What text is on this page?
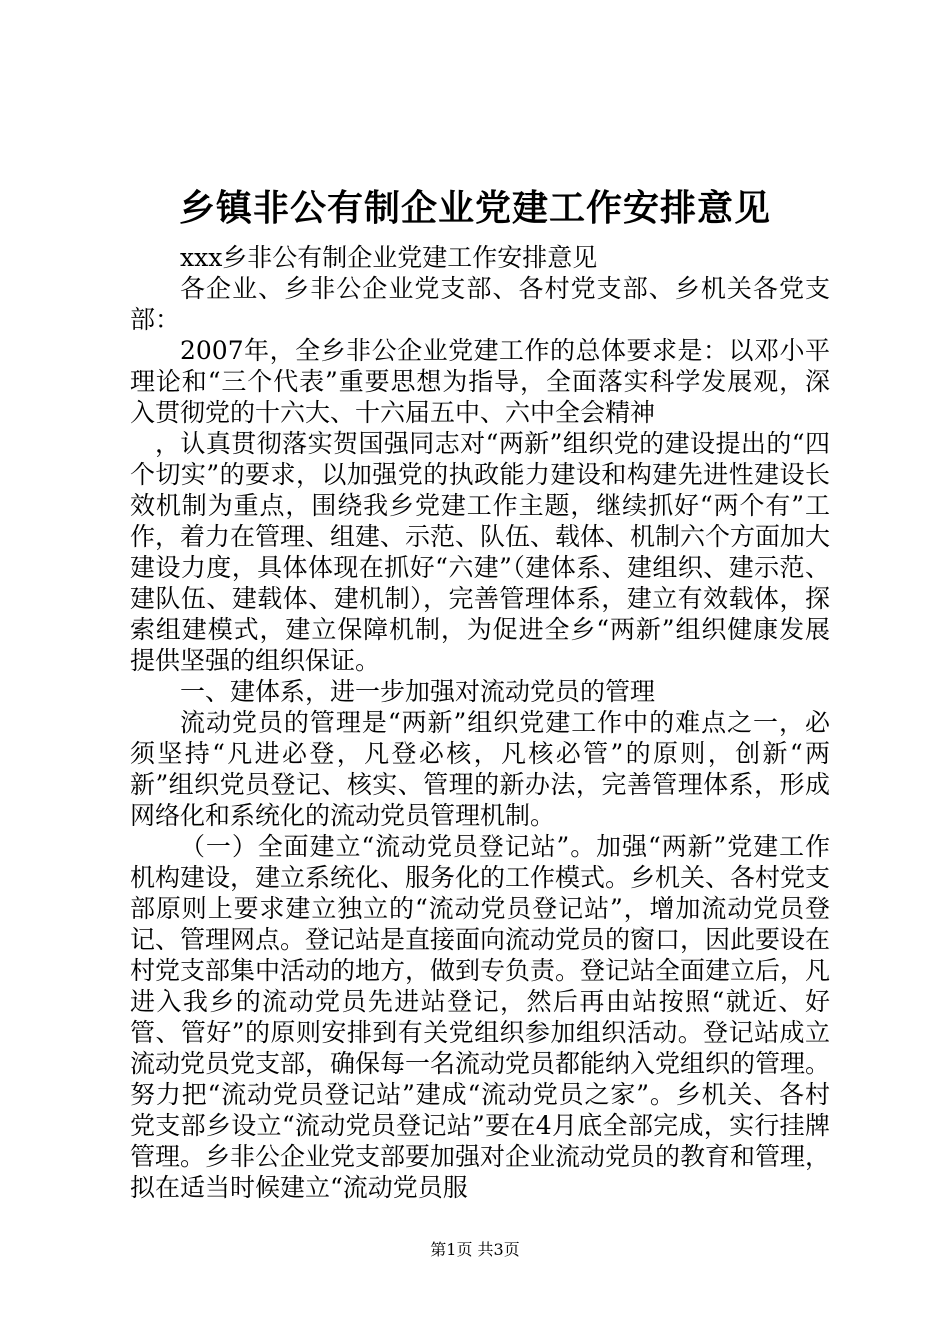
乡镇非公有制企业党建工作安排意见

xxx乡非公有制企业党建工作安排意见

各企业、乡非公企业党支部、各村党支部、乡机关各党支部：

2007年，全乡非公企业党建工作的总体要求是：以邓小平理论和“三个代表”重要思想为指导，全面落实科学发展观，深入贯彻党的十六大、十六届五中、六中全会精神

，认真贯彻落实贺国强同志对“两新”组织党的建设提出的“四个切实”的要求，以加强党的执政能力建设和构建先进性建设长效机制为重点，围绕我乡党建工作主题，继续抓好“两个有”工作，着力在管理、组建、示范、队伍、载体、机制六个方面加大建设力度，具体体现在抓好“六建”（建体系、建组织、建示范、建队伍、建载体、建机制），完善管理体系，建立有效载体，探索组建模式，建立保障机制，为促进全乡“两新”组织健康发展提供坚强的组织保证。

一、建体系，进一步加强对流动党员的管理

流动党员的管理是“两新”组织党建工作中的难点之一，必须坚持“凡进必登，凡登必核，凡核必管”的原则，创新“两新”组织党员登记、核实、管理的新办法，完善管理体系，形成网络化和系统化的流动党员管理机制。

（一）全面建立“流动党员登记站”。加强“两新”党建工作机构建设，建立系统化、服务化的工作模式。乡机关、各村党支部原则上要求建立独立的“流动党员登记站”，增加流动党员登记、管理网点。登记站是直接面向流动党员的窗口，因此要设在村党支部集中活动的地方，做到专负责。登记站全面建立后，凡进入我乡的流动党员先进站登记，然后再由站按照“就近、好管、管好”的原则安排到有关党组织参加组织活动。登记站成立流动党员党支部，确保每一名流动党员都能纳入党组织的管理。努力把“流动党员登记站”建成“流动党员之家”。乡机关、各村党支部乡设立“流动党员登记站”要在4月底全部完成，实行挂牌管理。乡非公企业党支部要加强对企业流动党员的教育和管理，拟在适当时候建立“流动党员服

第1页 共3页
